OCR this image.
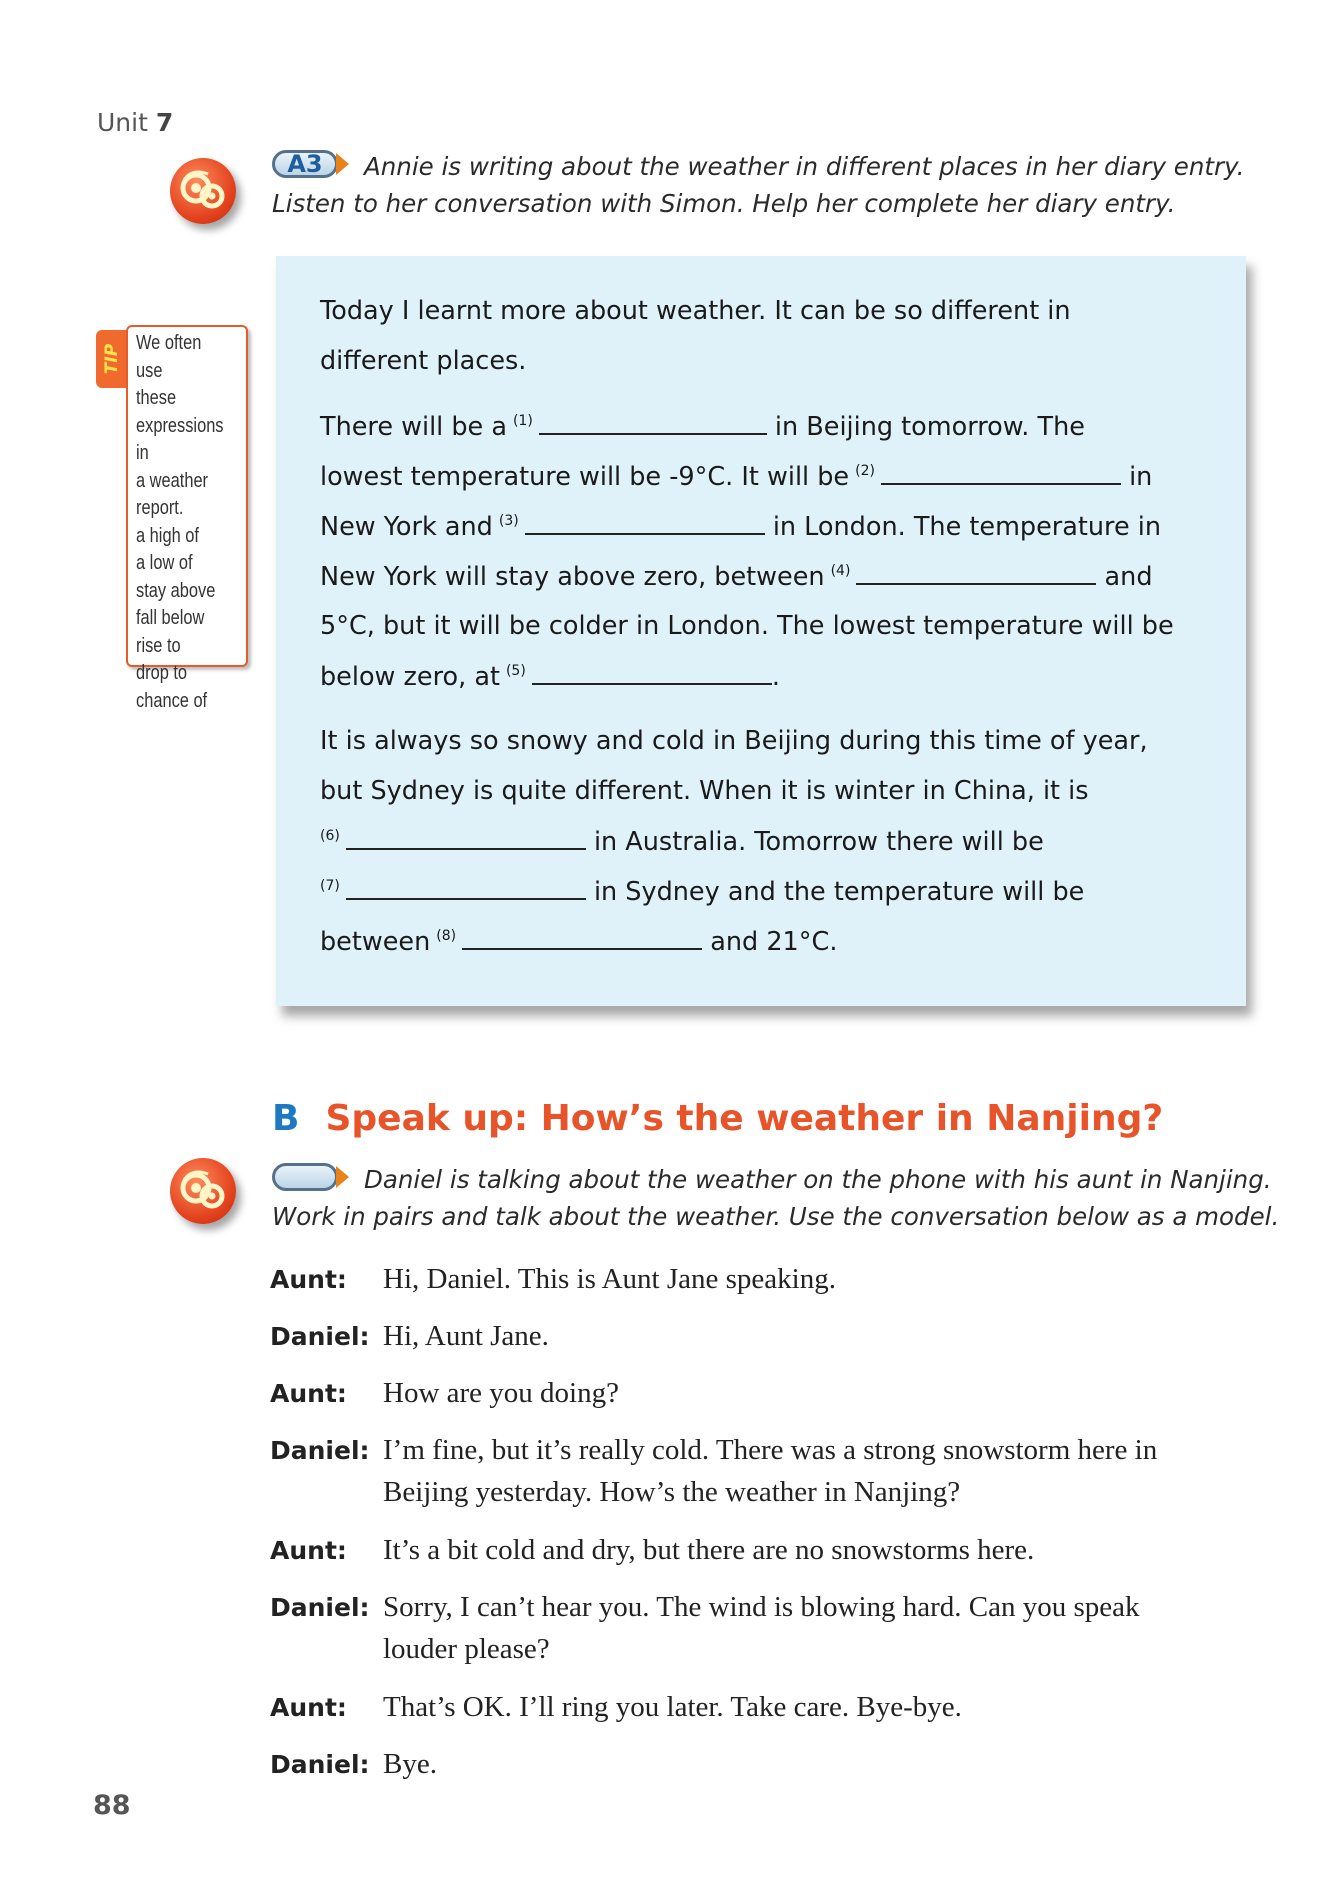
Unit 7
A3	Annie is writing about the weather in different places in her diary entry.
Listen to her conversation with Simon. Help her complete her diary entry.
TIP
We often use
these
expressions in
a weather
report.
a high of
a low of
stay above
fall below
rise to
drop to
chance of

Today I learnt more about weather. It can be so different in

different places.

There will be a $^{(1)}$	in Beijing tomorrow. The

lowest temperature will be -9°C. It will be $^{(2)}$	in

New York and $^{(3)}$	in London. The temperature in

New York will stay above zero, between $^{(4)}$	and

5°C, but it will be colder in London. The lowest temperature will be

below zero, at $^{(5)}$	.

It is always so snowy and cold in Beijing during this time of year,

but Sydney is quite different. When it is winter in China, it is

$^{(6)}$	in Australia. Tomorrow there will be

$^{(7)}$	in Sydney and the temperature will be

between $^{(8)}$	and 21°C.

B Speak up: How’s the weather in Nanjing?
Daniel is talking about the weather on the phone with his aunt in Nanjing.
Work in pairs and talk about the weather. Use the conversation below as a model.
Aunt: Hi, Daniel. This is Aunt Jane speaking.
Daniel: Hi, Aunt Jane.
Aunt: How are you doing?
Daniel: I’m fine, but it’s really cold. There was a strong snowstorm here in
Beijing yesterday. How’s the weather in Nanjing?
Aunt: It’s a bit cold and dry, but there are no snowstorms here.
Daniel: Sorry, I can’t hear you. The wind is blowing hard. Can you speak
louder please?
Aunt: That’s OK. I’ll ring you later. Take care. Bye-bye.
Daniel: Bye.
88
